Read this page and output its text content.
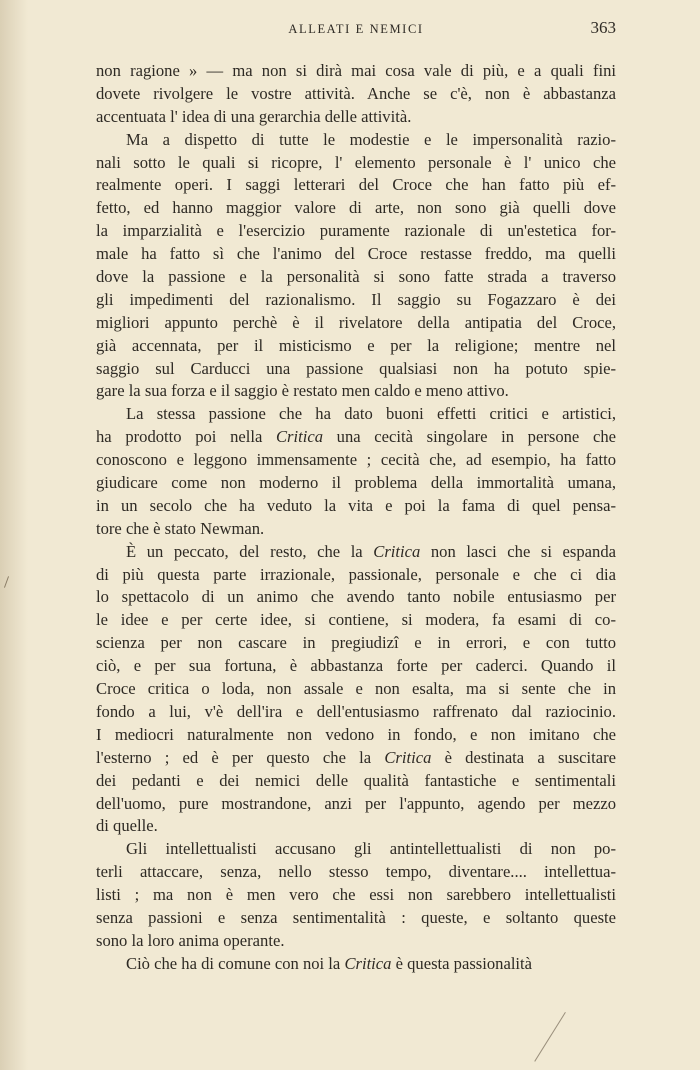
ALLEATI E NEMICI	363
non ragione » — ma non si dirà mai cosa vale di più, e a quali fini
dovete rivolgere le vostre attività. Anche se c'è, non è abbastanza
accentuata l' idea di una gerarchia delle attività.
Ma a dispetto di tutte le modestie e le impersonalità razio-
nali sotto le quali si ricopre, l' elemento personale è l' unico che
realmente operi. I saggi letterari del Croce che han fatto più ef-
fetto, ed hanno maggior valore di arte, non sono già quelli dove
la imparzialità e l'esercizio puramente razionale di un'estetica for-
male ha fatto sì che l'animo del Croce restasse freddo, ma quelli
dove la passione e la personalità si sono fatte strada a traverso
gli impedimenti del razionalismo. Il saggio su Fogazzaro è dei
migliori appunto perchè è il rivelatore della antipatia del Croce,
già accennata, per il misticismo e per la religione; mentre nel
saggio sul Carducci una passione qualsiasi non ha potuto spie-
gare la sua forza e il saggio è restato men caldo e meno attivo.
La stessa passione che ha dato buoni effetti critici e artistici,
ha prodotto poi nella Critica una cecità singolare in persone che
conoscono e leggono immensamente ; cecità che, ad esempio, ha fatto
giudicare come non moderno il problema della immortalità umana,
in un secolo che ha veduto la vita e poi la fama di quel pensa-
tore che è stato Newman.
È un peccato, del resto, che la Critica non lasci che si espanda
di più questa parte irrazionale, passionale, personale e che ci dia
lo spettacolo di un animo che avendo tanto nobile entusiasmo per
le idee e per certe idee, si contiene, si modera, fa esami di co-
scienza per non cascare in pregiudizî e in errori, e con tutto
ciò, e per sua fortuna, è abbastanza forte per caderci. Quando il
Croce critica o loda, non assale e non esalta, ma si sente che in
fondo a lui, v'è dell'ira e dell'entusiasmo raffrenato dal raziocinio.
I mediocri naturalmente non vedono in fondo, e non imitano che
l'esterno ; ed è per questo che la Critica è destinata a suscitare
dei pedanti e dei nemici delle qualità fantastiche e sentimentali
dell'uomo, pure mostrandone, anzi per l'appunto, agendo per mezzo
di quelle.
Gli intellettualisti accusano gli antintellettualisti di non po-
terli attaccare, senza, nello stesso tempo, diventare.... intellettua-
listi ; ma non è men vero che essi non sarebbero intellettualisti
senza passioni e senza sentimentalità : queste, e soltanto queste
sono la loro anima operante.
Ciò che ha di comune con noi la Critica è questa passionalità
